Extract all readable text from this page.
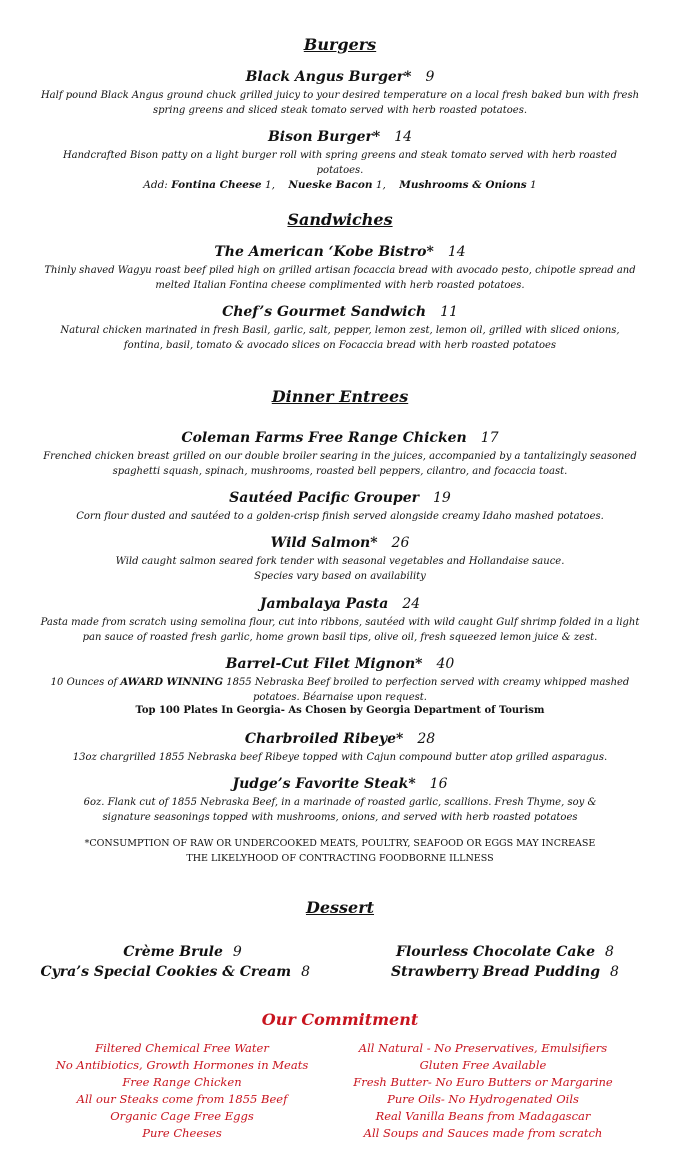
Burgers
Black Angus Burger* 9
Half pound Black Angus ground chuck grilled juicy to your desired temperature on a local fresh baked bun with fresh spring greens and sliced steak tomato served with herb roasted potatoes.
Bison Burger* 14
Handcrafted Bison patty on a light burger roll with spring greens and steak tomato served with herb roasted potatoes.
Add: Fontina Cheese 1, Nueske Bacon 1, Mushrooms & Onions 1
Sandwiches
The American ‘Kobe Bistro* 14
Thinly shaved Wagyu roast beef piled high on grilled artisan focaccia bread with avocado pesto, chipotle spread and melted Italian Fontina cheese complimented with herb roasted potatoes.
Chef’s Gourmet Sandwich 11
Natural chicken marinated in fresh Basil, garlic, salt, pepper, lemon zest, lemon oil, grilled with sliced onions, fontina, basil, tomato & avocado slices on Focaccia bread with herb roasted potatoes
Dinner Entrees
Coleman Farms Free Range Chicken 17
Frenched chicken breast grilled on our double broiler searing in the juices, accompanied by a tantalizingly seasoned spaghetti squash, spinach, mushrooms, roasted bell peppers, cilantro, and focaccia toast.
Sautéed Pacific Grouper 19
Corn flour dusted and sautéed to a golden-crisp finish served alongside creamy Idaho mashed potatoes.
Wild Salmon* 26
Wild caught salmon seared fork tender with seasonal vegetables and Hollandaise sauce.
Species vary based on availability
Jambalaya Pasta 24
Pasta made from scratch using semolina flour, cut into ribbons, sautéed with wild caught Gulf shrimp folded in a light pan sauce of roasted fresh garlic, home grown basil tips, olive oil, fresh squeezed lemon juice & zest.
Barrel-Cut Filet Mignon* 40
10 Ounces of AWARD WINNING 1855 Nebraska Beef broiled to perfection served with creamy whipped mashed potatoes. Béarnaise upon request.
Top 100 Plates In Georgia- As Chosen by Georgia Department of Tourism
Charbroiled Ribeye* 28
13oz chargrilled 1855 Nebraska beef Ribeye topped with Cajun compound butter atop grilled asparagus.
Judge’s Favorite Steak* 16
6oz. Flank cut of 1855 Nebraska Beef, in a marinade of roasted garlic, scallions. Fresh Thyme, soy & signature seasonings topped with mushrooms, onions, and served with herb roasted potatoes
*CONSUMPTION OF RAW OR UNDERCOOKED MEATS, POULTRY, SEAFOOD OR EGGS MAY INCREASE
THE LIKELYHOOD OF CONTRACTING FOODBORNE ILLNESS
Dessert
Crème Brule 9
Cyra’s Special Cookies & Cream 8
Flourless Chocolate Cake 8
Strawberry Bread Pudding 8
Our Commitment
Filtered Chemical Free Water
No Antibiotics, Growth Hormones in Meats
Free Range Chicken
All our Steaks come from 1855 Beef
Organic Cage Free Eggs
Pure Cheeses
All Natural - No Preservatives, Emulsifiers
Gluten Free Available
Fresh Butter- No Euro Butters or Margarine
Pure Oils- No Hydrogenated Oils
Real Vanilla Beans from Madagascar
All Soups and Sauces made from scratch
